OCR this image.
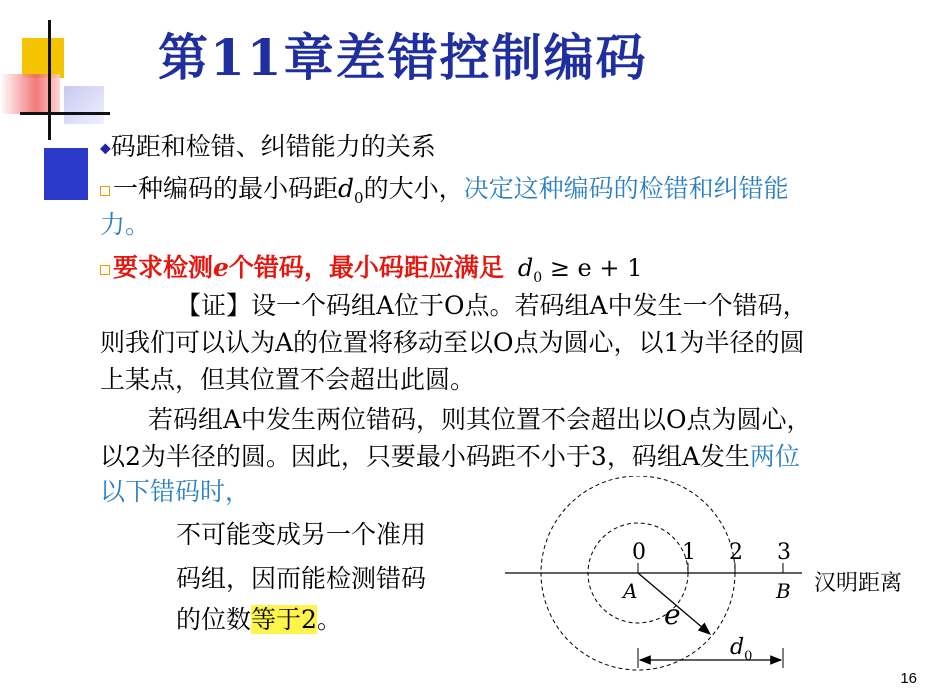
第11章差错控制编码
◆码距和检错、纠错能力的关系
一种编码的最小码距$d_0$的大小，决定这种编码的检错和纠错能
力。
要求检测e个错码，最小码距应满足 $d_0 \ge e + 1$
【证】设一个码组A位于O点。若码组A中发生一个错码，
则我们可以认为A的位置将移动至以O点为圆心，以1为半径的圆
上某点，但其位置不会超出此圆。
若码组A中发生两位错码，则其位置不会超出以O点为圆心，
以2为半径的圆。因此，只要最小码距不小于3，码组A发生两位
以下错码时，
不可能变成另一个准用
码组，因而能检测错码
的位数等于2。
0 1 2 3
A	B 汉明距离
e
$d_0$
16
